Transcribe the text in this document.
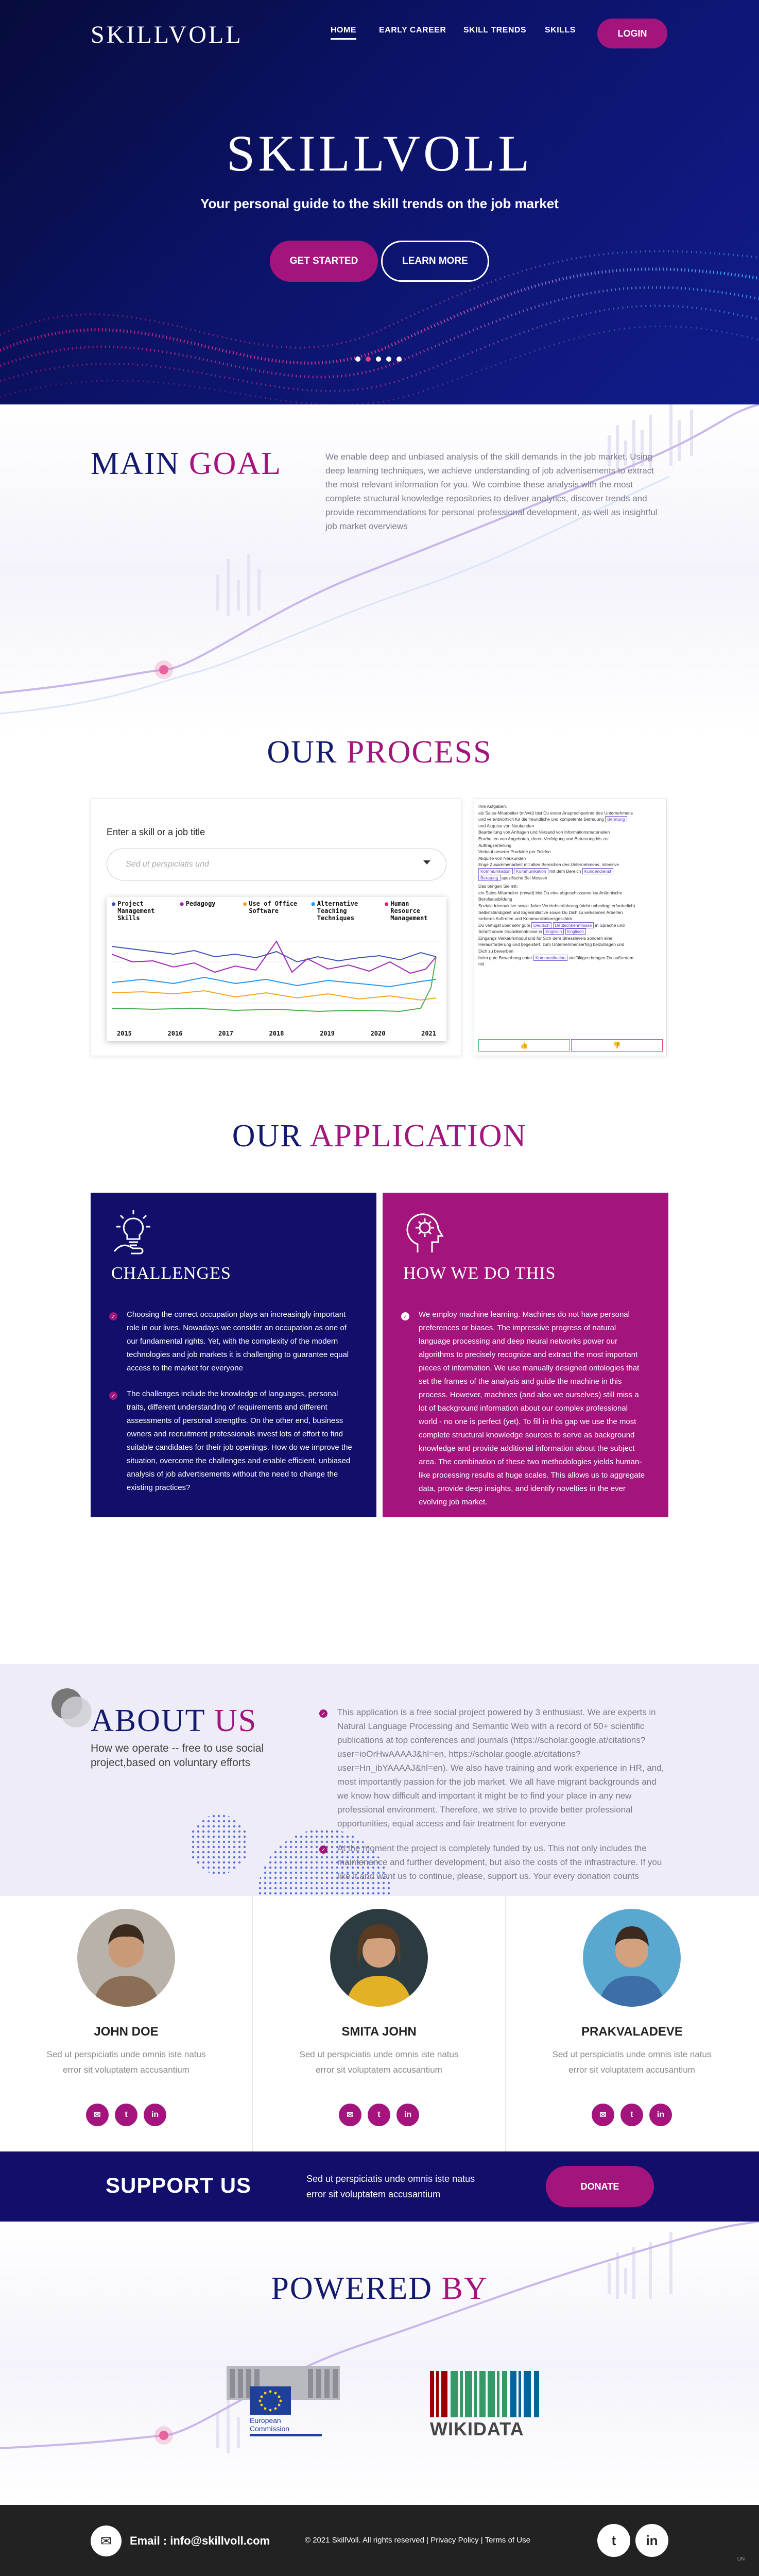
SKILLVOLL	HOME	EARLY CAREER SKILL TRENDS SKILLS	LOGIN
SKILLVOLL
Your personal guide to the skill trends on the job market
GET STARTED	LEARN MORE
MAIN GOAL	We enable deep and unbiased analysis of the skill demands in the job market. Using deep learning techniques, we achieve understanding of job advertisements to extract the most relevant information for you. We combine these analysis with the most complete structural knowledge repositories to deliver analytics, discover trends and provide recommendations for personal professional development, as well as insightful job market overviews

OUR PROCESS
Enter a skill or a job title
Sed ut perspiciatis und
● Project Management Skills
● Pedagogy	● Use of Office Software
● Alternative Teaching Techniques
● Human Resource Management
2015	2016	2017	2018	2019	2020	2021
Ihre Aufgaben:
als Sales-Mitarbeiter (m/w/d) bist Du erster Ansprechpartner des Unternehmens
und verantwortlich für die freundliche und kompetente Betreuung Beratung
und Akquise von Neukunden
Bearbeitung von Anfragen und Versand von Informationsmaterialien
Erarbeiten von Angeboten, deren Verfolgung und Betreuung bis zur
Auftragserteilung
Verkauf unserer Produkte per Telefon
Akquise von Neukunden
Enge Zusammenarbeit mit allen Bereichen des Unternehmens, intensive
Kommunikation Kommunikation mit dem Bereich Kundendienst
Beratung spezifische Bei Messen
Das bringen Sie mit:
ein Sales-Mitarbeiter (m/w/d) bist Du eine abgeschlossene kaufmännische
Berufsausbildung
Soziale Ideenaktive sowie Jahre Vertriebserfahrung (nicht unbedingt erforderlich)
Selbstständigkeit und Eigeninitiative sowie Du Dich zu wirksamen Arbeiten
sicheres Auftreten und Kommunikationsgeschick
Du verfügst über sehr gute Deutsch Deutschkenntnisse in Sprache und
Schrift sowie Grundkenntnisse in Englisch Englisch
Eingangs Verkaufsmodul und für Sich dem Stresslevels sondern eine
Herausforderung und begeistert, zum Unternehmenserfolg beizutragen und
Dich zu bewerben
beim gute Bewerbung unter Kommunikation vielfältigen bringen Du außerdem
mit
👍	👎
OUR APPLICATION
CHALLENGES
✓ Choosing the correct occupation plays an increasingly important role in our lives. Nowadays we consider an occupation as one of our fundamental rights. Yet, with the complexity of the modern technologies and job markets it is challenging to guarantee equal access to the market for everyone

✓ The challenges include the knowledge of languages, personal traits, different understanding of requirements and different assessments of personal strengths. On the other end, business owners and recruitment professionals invest lots of effort to find suitable candidates for their job openings. How do we improve the situation, overcome the challenges and enable efficient, unbiased analysis of job advertisements without the need to change the existing practices?

HOW WE DO THIS
✓ We employ machine learning. Machines do not have personal preferences or biases. The impressive progress of natural language processing and deep neural networks power our algorithms to precisely recognize and extract the most important pieces of information. We use manually designed ontologies that set the frames of the analysis and guide the machine in this process. However, machines (and also we ourselves) still miss a lot of background information about our complex professional world - no one is perfect (yet). To fill in this gap we use the most complete structural knowledge sources to serve as background knowledge and provide additional information about the subject area. The combination of these two methodologies yields human-like processing results at huge scales. This allows us to aggregate data, provide deep insights, and identify novelties in the ever evolving job market.

ABOUT US

How we operate -- free to use social project,based on voluntary efforts

✓ This application is a free social project powered by 3 enthusiast. We are experts in Natural Language Processing and Semantic Web with a record of 50+ scientific publications at top conferences and journals (https://scholar.google.at/citations?user=ioOrHwAAAAJ&hl=en, https://scholar.google.at/citations?user=Hn_ibYAAAAJ&hl=en). We also have training and work experience in HR, and, most importantly passion for the job market. We all have migrant backgrounds and we know how difficult and important it might be to find your place in any new professional environment. Therefore, we strive to provide better professional opportunities, equal access and fair treatment for everyone

✓ At the moment the project is completely funded by us. This not only includes the maintenance and further development, but also the costs of the infrastracture. If you like it and want us to continue, please, support us. Your every donation counts

JOHN DOE

Sed ut perspiciatis unde omnis iste natus error sit voluptatem accusantium

✉	t	in
SMITA JOHN

Sed ut perspiciatis unde omnis iste natus error sit voluptatem accusantium

✉	t	in
PRAKVALADEVE

Sed ut perspiciatis unde omnis iste natus error sit voluptatem accusantium

✉	t	in
SUPPORT US	Sed ut perspiciatis unde omnis iste natus error sit voluptatem accusantium

DONATE
POWERED BY
European
Commission	WIKIDATA
✉	Email : info@skillvoll.com	© 2021 SkillVoll. All rights reserved | Privacy Policy | Terms of Use	t	in
UN
